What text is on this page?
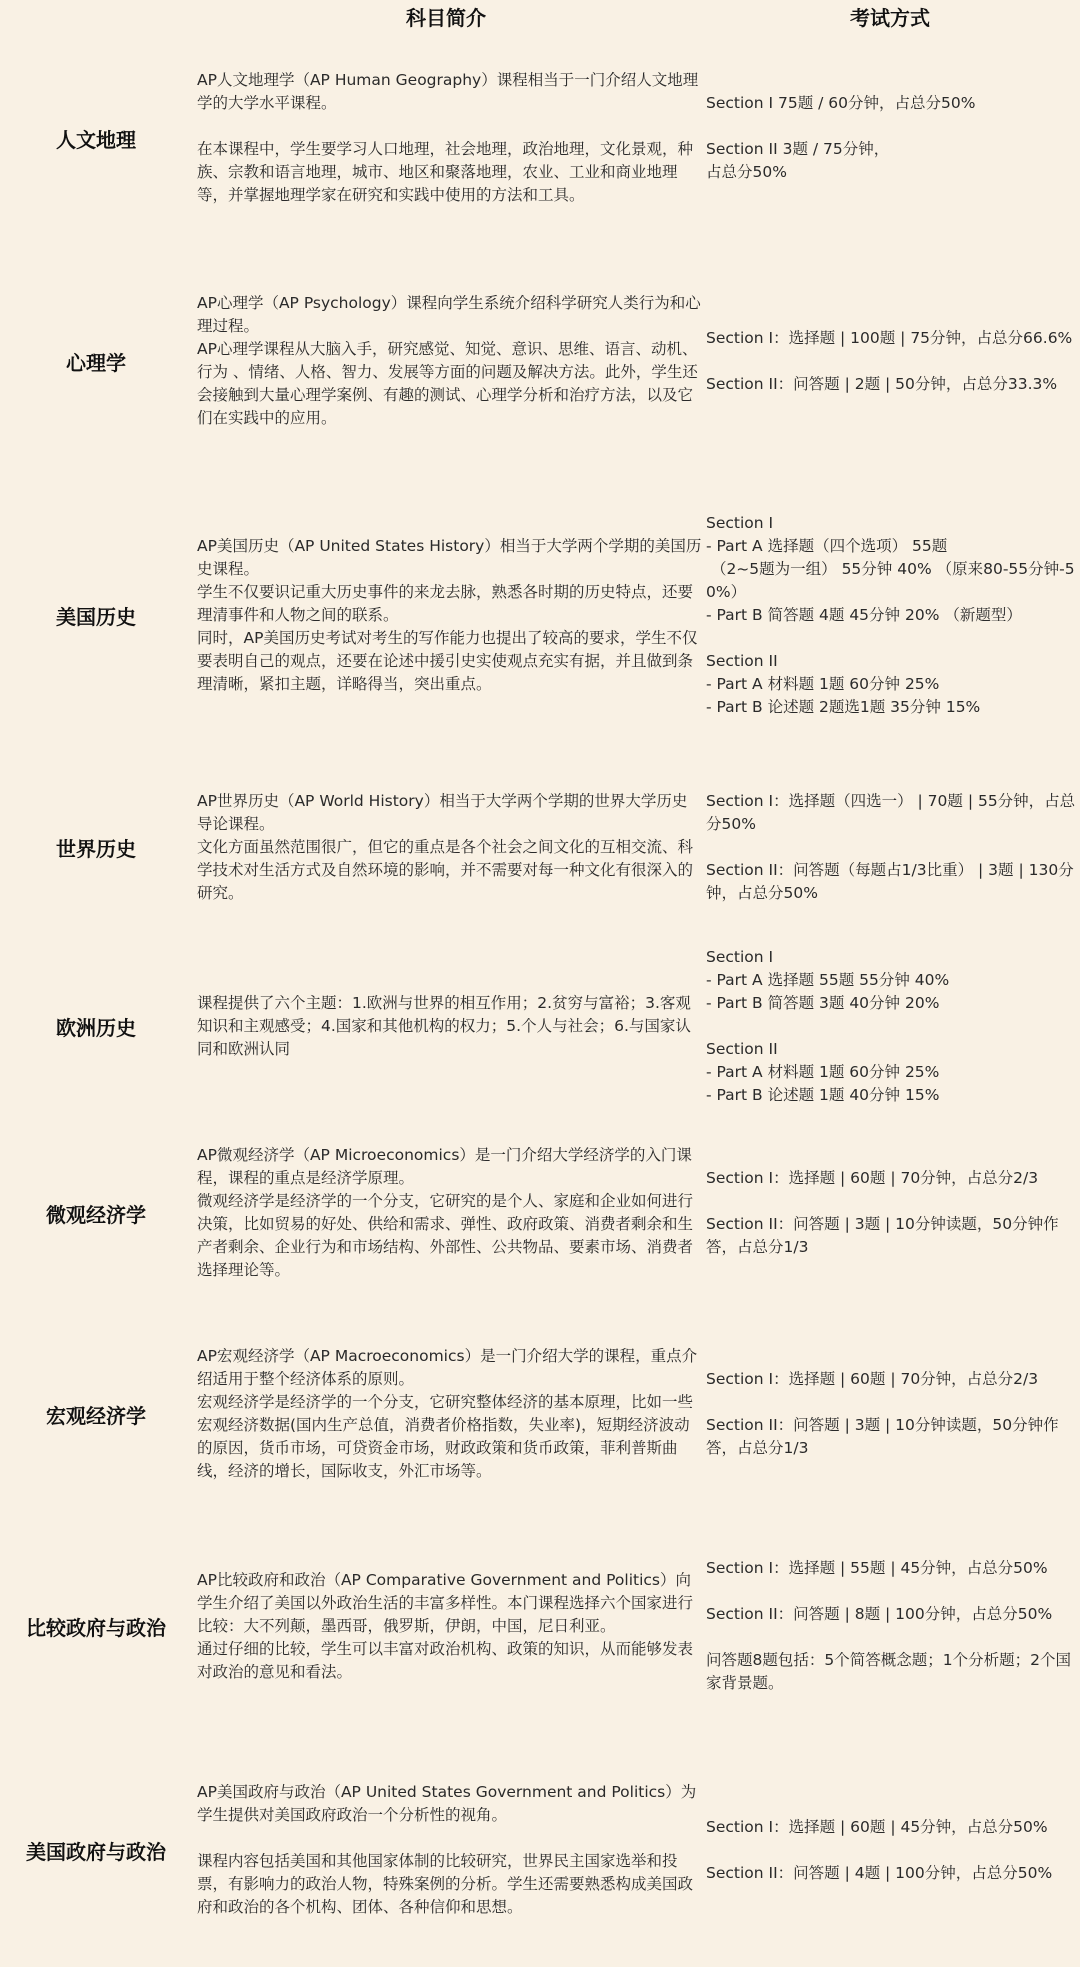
科目简介	考试方式
人文地理
AP人文地理学（AP Human Geography）课程相当于一门介绍人文地理学的大学水平课程。
在本课程中，学生要学习人口地理，社会地理，政治地理，文化景观，种族、宗教和语言地理，城市、地区和聚落地理，农业、工业和商业地理等，并掌握地理学家在研究和实践中使用的方法和工具。
Section I 75题 / 60分钟，占总分50%
Section II 3题 / 75分钟，
占总分50%
心理学
AP心理学（AP Psychology）课程向学生系统介绍科学研究人类行为和心理过程。
AP心理学课程从大脑入手，研究感觉、知觉、意识、思维、语言、动机、行为 、情绪、人格、智力、发展等方面的问题及解决方法。此外，学生还会接触到大量心理学案例、有趣的测试、心理学分析和治疗方法，以及它们在实践中的应用。
Section I：选择题 | 100题 | 75分钟，占总分66.6%
Section II：问答题 | 2题 | 50分钟，占总分33.3%
美国历史
AP美国历史（AP United States History）相当于大学两个学期的美国历史课程。
学生不仅要识记重大历史事件的来龙去脉，熟悉各时期的历史特点，还要理清事件和人物之间的联系。
同时，AP美国历史考试对考生的写作能力也提出了较高的要求，学生不仅要表明自己的观点，还要在论述中援引史实使观点充实有据，并且做到条理清晰，紧扣主题，详略得当，突出重点。
Section I
- Part A 选择题（四个选项） 55题
（2~5题为一组） 55分钟 40% （原来80-55分钟-50%）
- Part B 简答题 4题 45分钟 20% （新题型）
Section II
- Part A 材料题 1题 60分钟 25%
- Part B 论述题 2题选1题 35分钟 15%
世界历史
AP世界历史（AP World History）相当于大学两个学期的世界大学历史导论课程。
文化方面虽然范围很广，但它的重点是各个社会之间文化的互相交流、科学技术对生活方式及自然环境的影响，并不需要对每一种文化有很深入的研究。
Section I：选择题（四选一） | 70题 | 55分钟，占总分50%
Section II：问答题（每题占1/3比重） | 3题 | 130分钟，占总分50%
欧洲历史
课程提供了六个主题：1.欧洲与世界的相互作用；2.贫穷与富裕；3.客观知识和主观感受；4.国家和其他机构的权力；5.个人与社会；6.与国家认同和欧洲认同
Section I
- Part A 选择题 55题 55分钟 40%
- Part B 简答题 3题 40分钟 20%
Section II
- Part A 材料题 1题 60分钟 25%
- Part B 论述题 1题 40分钟 15%
微观经济学
AP微观经济学（AP Microeconomics）是一门介绍大学经济学的入门课程，课程的重点是经济学原理。
微观经济学是经济学的一个分支，它研究的是个人、家庭和企业如何进行决策，比如贸易的好处、供给和需求、弹性、政府政策、消费者剩余和生产者剩余、企业行为和市场结构、外部性、公共物品、要素市场、消费者选择理论等。
Section I：选择题 | 60题 | 70分钟，占总分2/3
Section II：问答题 | 3题 | 10分钟读题，50分钟作答，占总分1/3
宏观经济学
AP宏观经济学（AP Macroeconomics）是一门介绍大学的课程，重点介绍适用于整个经济体系的原则。
宏观经济学是经济学的一个分支，它研究整体经济的基本原理，比如一些宏观经济数据(国内生产总值，消费者价格指数，失业率)，短期经济波动的原因，货币市场，可贷资金市场，财政政策和货币政策，菲利普斯曲线，经济的增长，国际收支，外汇市场等。
Section I：选择题 | 60题 | 70分钟，占总分2/3
Section II：问答题 | 3题 | 10分钟读题，50分钟作答，占总分1/3
比较政府与政治
AP比较政府和政治（AP Comparative Government and Politics）向学生介绍了美国以外政治生活的丰富多样性。本门课程选择六个国家进行比较：大不列颠，墨西哥，俄罗斯，伊朗，中国，尼日利亚。
通过仔细的比较，学生可以丰富对政治机构、政策的知识，从而能够发表对政治的意见和看法。
Section I：选择题 | 55题 | 45分钟，占总分50%
Section II：问答题 | 8题 | 100分钟，占总分50%
问答题8题包括：5个简答概念题；1个分析题；2个国家背景题。
美国政府与政治
AP美国政府与政治（AP United States Government and Politics）为学生提供对美国政府政治一个分析性的视角。
课程内容包括美国和其他国家体制的比较研究，世界民主国家选举和投票，有影响力的政治人物，特殊案例的分析。学生还需要熟悉构成美国政府和政治的各个机构、团体、各种信仰和思想。
Section I：选择题 | 60题 | 45分钟，占总分50%
Section II：问答题 | 4题 | 100分钟，占总分50%
